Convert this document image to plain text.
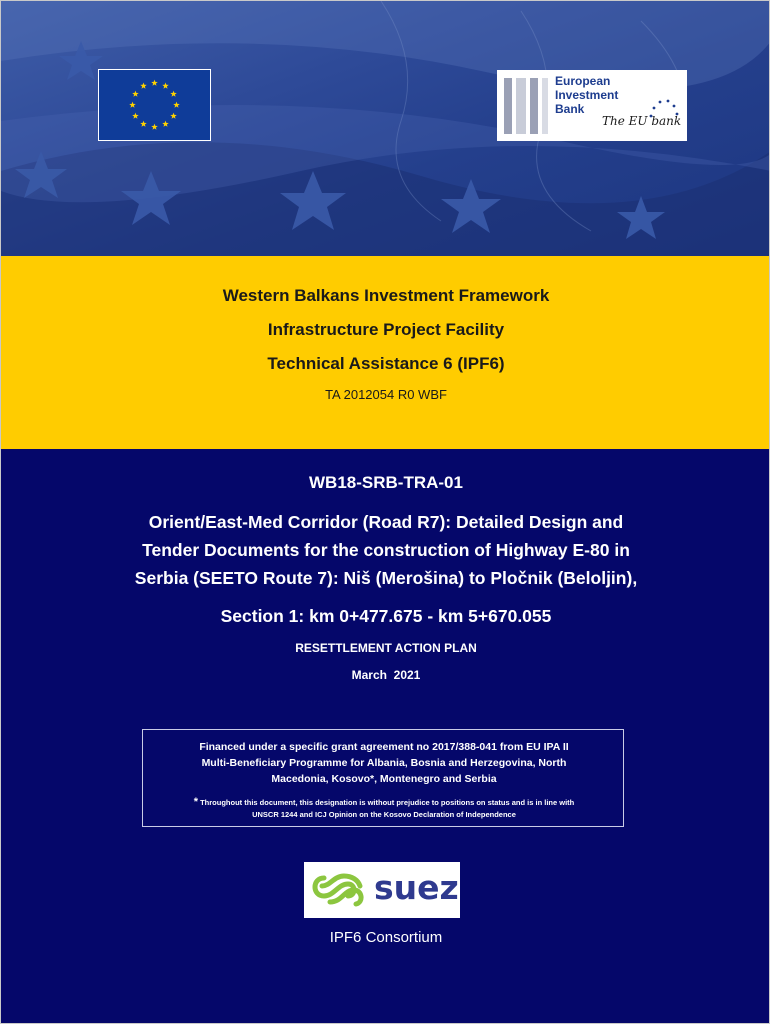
European
Investment
Bank
The EU bank
Western Balkans Investment Framework
Infrastructure Project Facility
Technical Assistance 6 (IPF6)
TA 2012054 R0 WBF
WB18-SRB-TRA-01
Orient/East-Med Corridor (Road R7): Detailed Design and
Tender Documents for the construction of Highway E-80 in
Serbia (SEETO Route 7): Niš (Merošina) to Pločnik (Beloljin),
Section 1: km 0+477.675 - km 5+670.055
RESETTLEMENT ACTION PLAN
March  2021
Financed under a specific grant agreement no 2017/388-041 from EU IPA II
Multi-Beneficiary Programme for Albania, Bosnia and Herzegovina, North
Macedonia, Kosovo*, Montenegro and Serbia
* Throughout this document, this designation is without prejudice to positions on status and is in line with
UNSCR 1244 and ICJ Opinion on the Kosovo Declaration of Independence
suez
IPF6 Consortium
